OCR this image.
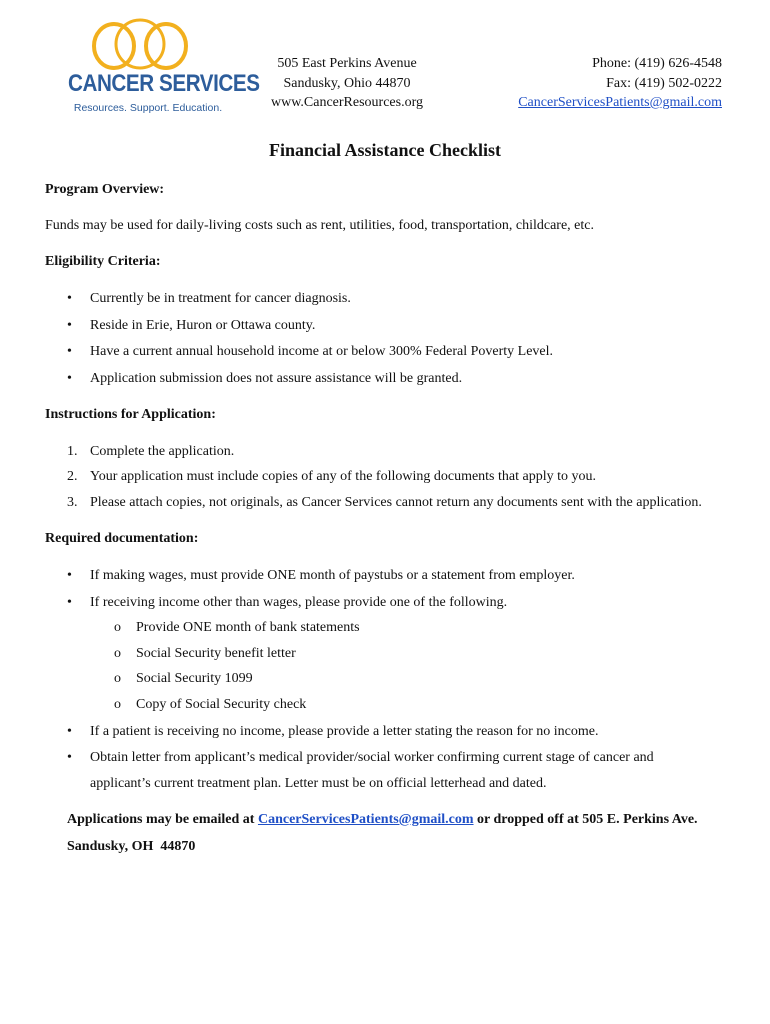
CANCER SERVICES
Resources. Support. Education.
505 East Perkins Avenue
Sandusky, Ohio 44870
www.CancerResources.org
Phone: (419) 626-4548
Fax: (419) 502-0222
CancerServicesPatients@gmail.com
Financial Assistance Checklist
Program Overview:
Funds may be used for daily-living costs such as rent, utilities, food, transportation, childcare, etc.
Eligibility Criteria:
• Currently be in treatment for cancer diagnosis.
• Reside in Erie, Huron or Ottawa county.
• Have a current annual household income at or below 300% Federal Poverty Level.
• Application submission does not assure assistance will be granted.
Instructions for Application:
1. Complete the application.
2. Your application must include copies of any of the following documents that apply to you.
3. Please attach copies, not originals, as Cancer Services cannot return any documents sent with the application.
Required documentation:
• If making wages, must provide ONE month of paystubs or a statement from employer.
• If receiving income other than wages, please provide one of the following.
o Provide ONE month of bank statements
o Social Security benefit letter
o Social Security 1099
o Copy of Social Security check
• If a patient is receiving no income, please provide a letter stating the reason for no income.
• Obtain letter from applicant’s medical provider/social worker confirming current stage of cancer and
applicant’s current treatment plan. Letter must be on official letterhead and dated.
Applications may be emailed at CancerServicesPatients@gmail.com or dropped off at 505 E. Perkins Ave.
Sandusky, OH  44870
